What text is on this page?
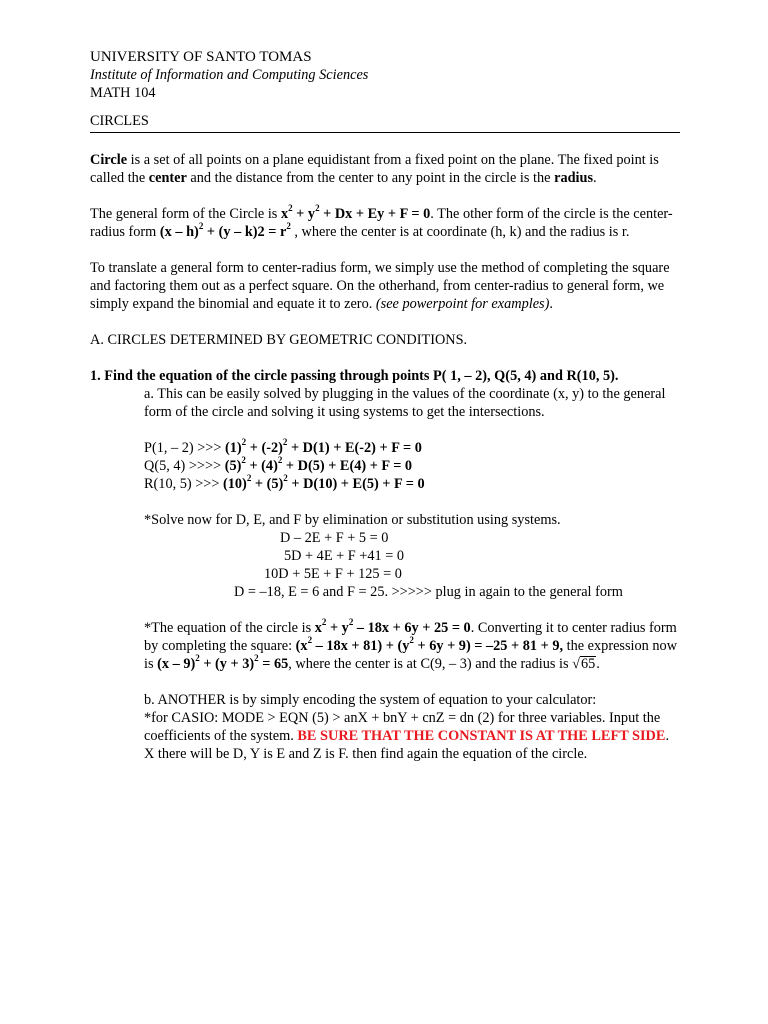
UNIVERSITY OF SANTO TOMAS
Institute of Information and Computing Sciences
MATH 104
CIRCLES

Circle is a set of all points on a plane equidistant from a fixed point on the plane. The fixed point is called the center and the distance from the center to any point in the circle is the radius.

The general form of the Circle is $x^2 + y^2 + Dx + Ey + F = 0$. The other form of the circle is the center-radius form $(x - h)^2 + (y - k)2 = r^2$ , where the center is at coordinate (h, k) and the radius is r.

To translate a general form to center-radius form, we simply use the method of completing the square and factoring them out as a perfect square. On the otherhand, from center-radius to general form, we simply expand the binomial and equate it to zero. (see powerpoint for examples).

A. CIRCLES DETERMINED BY GEOMETRIC CONDITIONS.

1. Find the equation of the circle passing through points P( 1, – 2), Q(5, 4) and R(10, 5).

a. This can be easily solved by plugging in the values of the coordinate (x, y) to the general form of the circle and solving it using systems to get the intersections.

P(1, – 2) >>> $(1)^2 + (-2)^2 + D(1) + E(-2) + F = 0$

Q(5, 4) >>>> $(5)^2 + (4)^2 + D(5) + E(4) + F = 0$

R(10, 5) >>> $(10)^2 + (5)^2 + D(10) + E(5) + F = 0$

*Solve now for D, E, and F by elimination or substitution using systems.

D – 2E + F + 5 = 0

5D + 4E + F +41 = 0

10D + 5E + F + 125 = 0

D = –18, E = 6 and F = 25. >>>>> plug in again to the general form

*The equation of the circle is $x^2 + y^2 - 18x + 6y + 25 = 0$. Converting it to center radius form by completing the square: $(x^2 - 18x + 81) + (y^2 + 6y + 9) = -25 + 81 + 9$, the expression now is $(x - 9)^2 + (y + 3)^2 = 65$, where the center is at C(9, – 3) and the radius is √65.

b. ANOTHER is by simply encoding the system of equation to your calculator:

*for CASIO: MODE > EQN (5) > anX + bnY + cnZ = dn (2) for three variables. Input the coefficients of the system. BE SURE THAT THE CONSTANT IS AT THE LEFT SIDE. X there will be D, Y is E and Z is F. then find again the equation of the circle.
